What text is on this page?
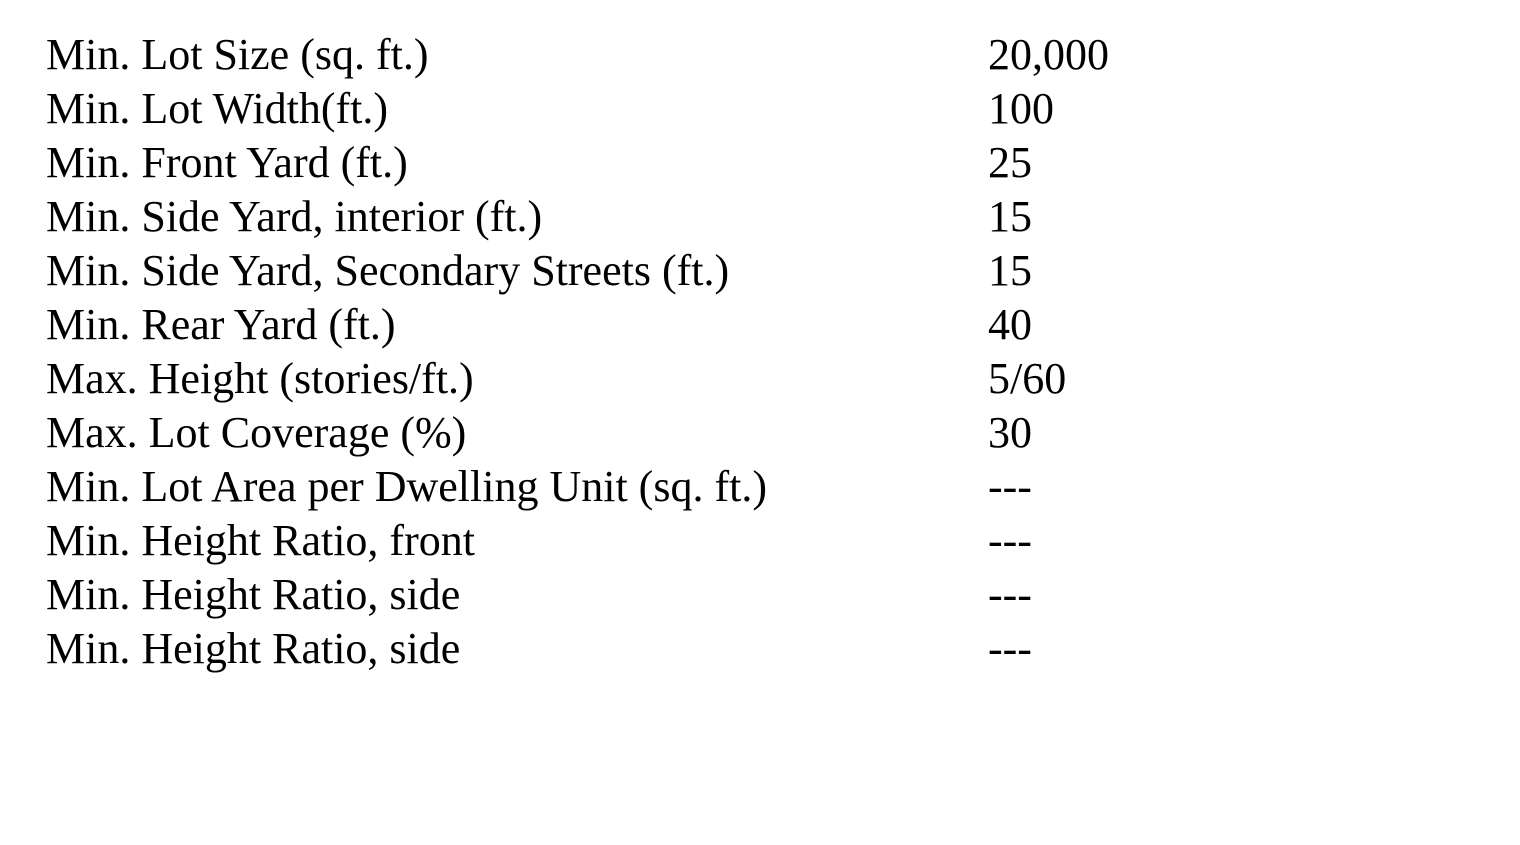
Min. Lot Size (sq. ft.)	20,000
Min. Lot Width(ft.)	100
Min. Front Yard (ft.)	25
Min. Side Yard, interior (ft.)	15
Min. Side Yard, Secondary Streets (ft.)	15
Min. Rear Yard (ft.)	40
Max. Height (stories/ft.)	5/60
Max. Lot Coverage (%)	30
Min. Lot Area per Dwelling Unit (sq. ft.)	---
Min. Height Ratio, front	---
Min. Height Ratio, side	---
Min. Height Ratio, side	---
